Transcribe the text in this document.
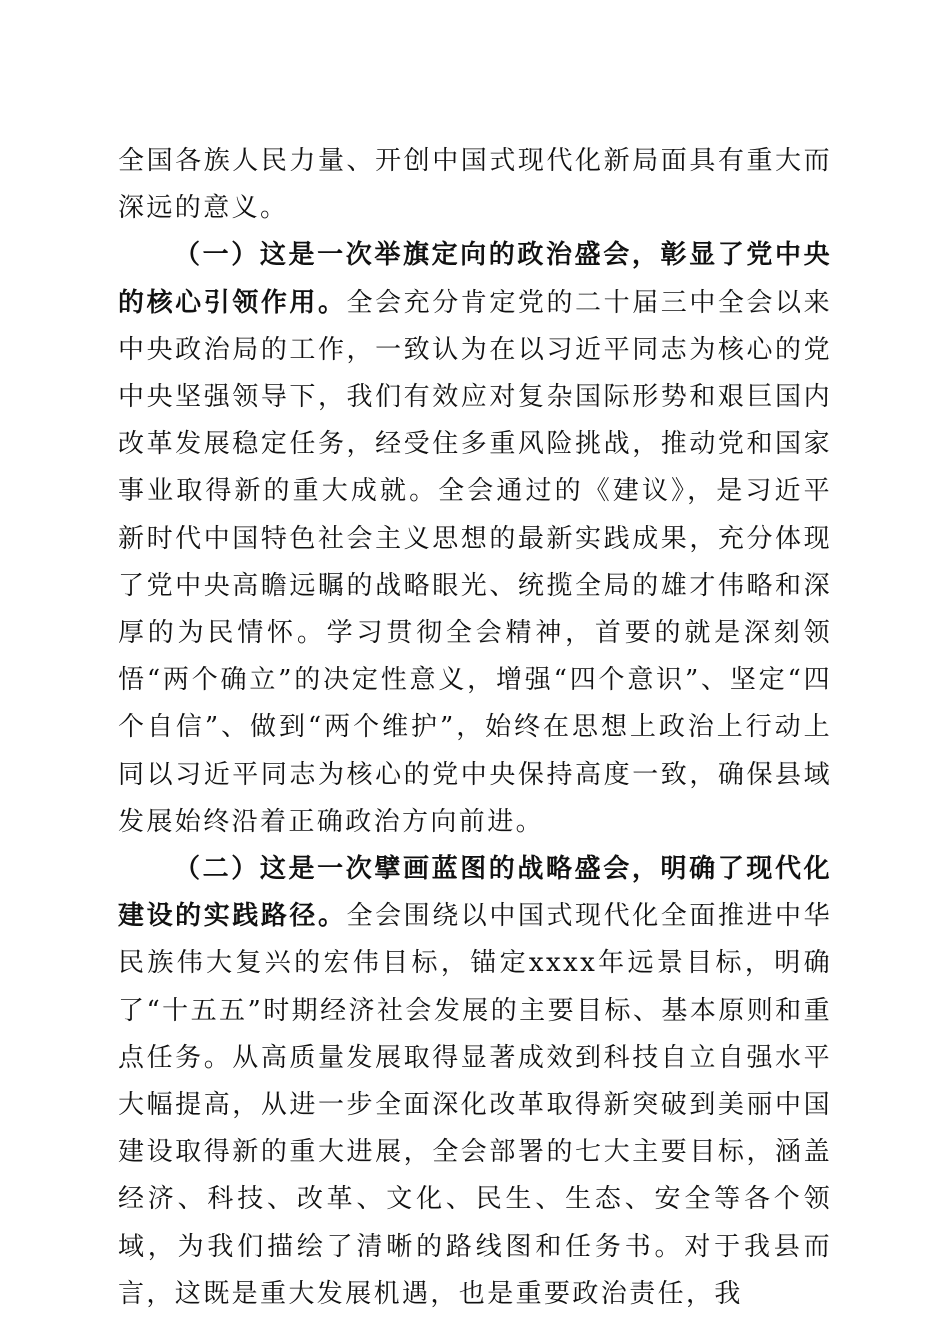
全国各族人民力量、开创中国式现代化新局面具有重大而深远的意义。

（一）这是一次举旗定向的政治盛会，彰显了党中央的核心引领作用。全会充分肯定党的二十届三中全会以来中央政治局的工作，一致认为在以习近平同志为核心的党中央坚强领导下，我们有效应对复杂国际形势和艰巨国内改革发展稳定任务，经受住多重风险挑战，推动党和国家事业取得新的重大成就。全会通过的《建议》，是习近平新时代中国特色社会主义思想的最新实践成果，充分体现了党中央高瞻远瞩的战略眼光、统揽全局的雄才伟略和深厚的为民情怀。学习贯彻全会精神，首要的就是深刻领悟“两个确立”的决定性意义，增强“四个意识”、坚定“四个自信”、做到“两个维护”，始终在思想上政治上行动上同以习近平同志为核心的党中央保持高度一致，确保县域发展始终沿着正确政治方向前进。

（二）这是一次擘画蓝图的战略盛会，明确了现代化建设的实践路径。全会围绕以中国式现代化全面推进中华民族伟大复兴的宏伟目标，锚定xxxx年远景目标，明确了“十五五”时期经济社会发展的主要目标、基本原则和重点任务。从高质量发展取得显著成效到科技自立自强水平大幅提高，从进一步全面深化改革取得新突破到美丽中国建设取得新的重大进展，全会部署的七大主要目标，涵盖经济、科技、改革、文化、民生、生态、安全等各个领域，为我们描绘了清晰的路线图和任务书。对于我县而言，这既是重大发展机遇，也是重要政治责任，我
